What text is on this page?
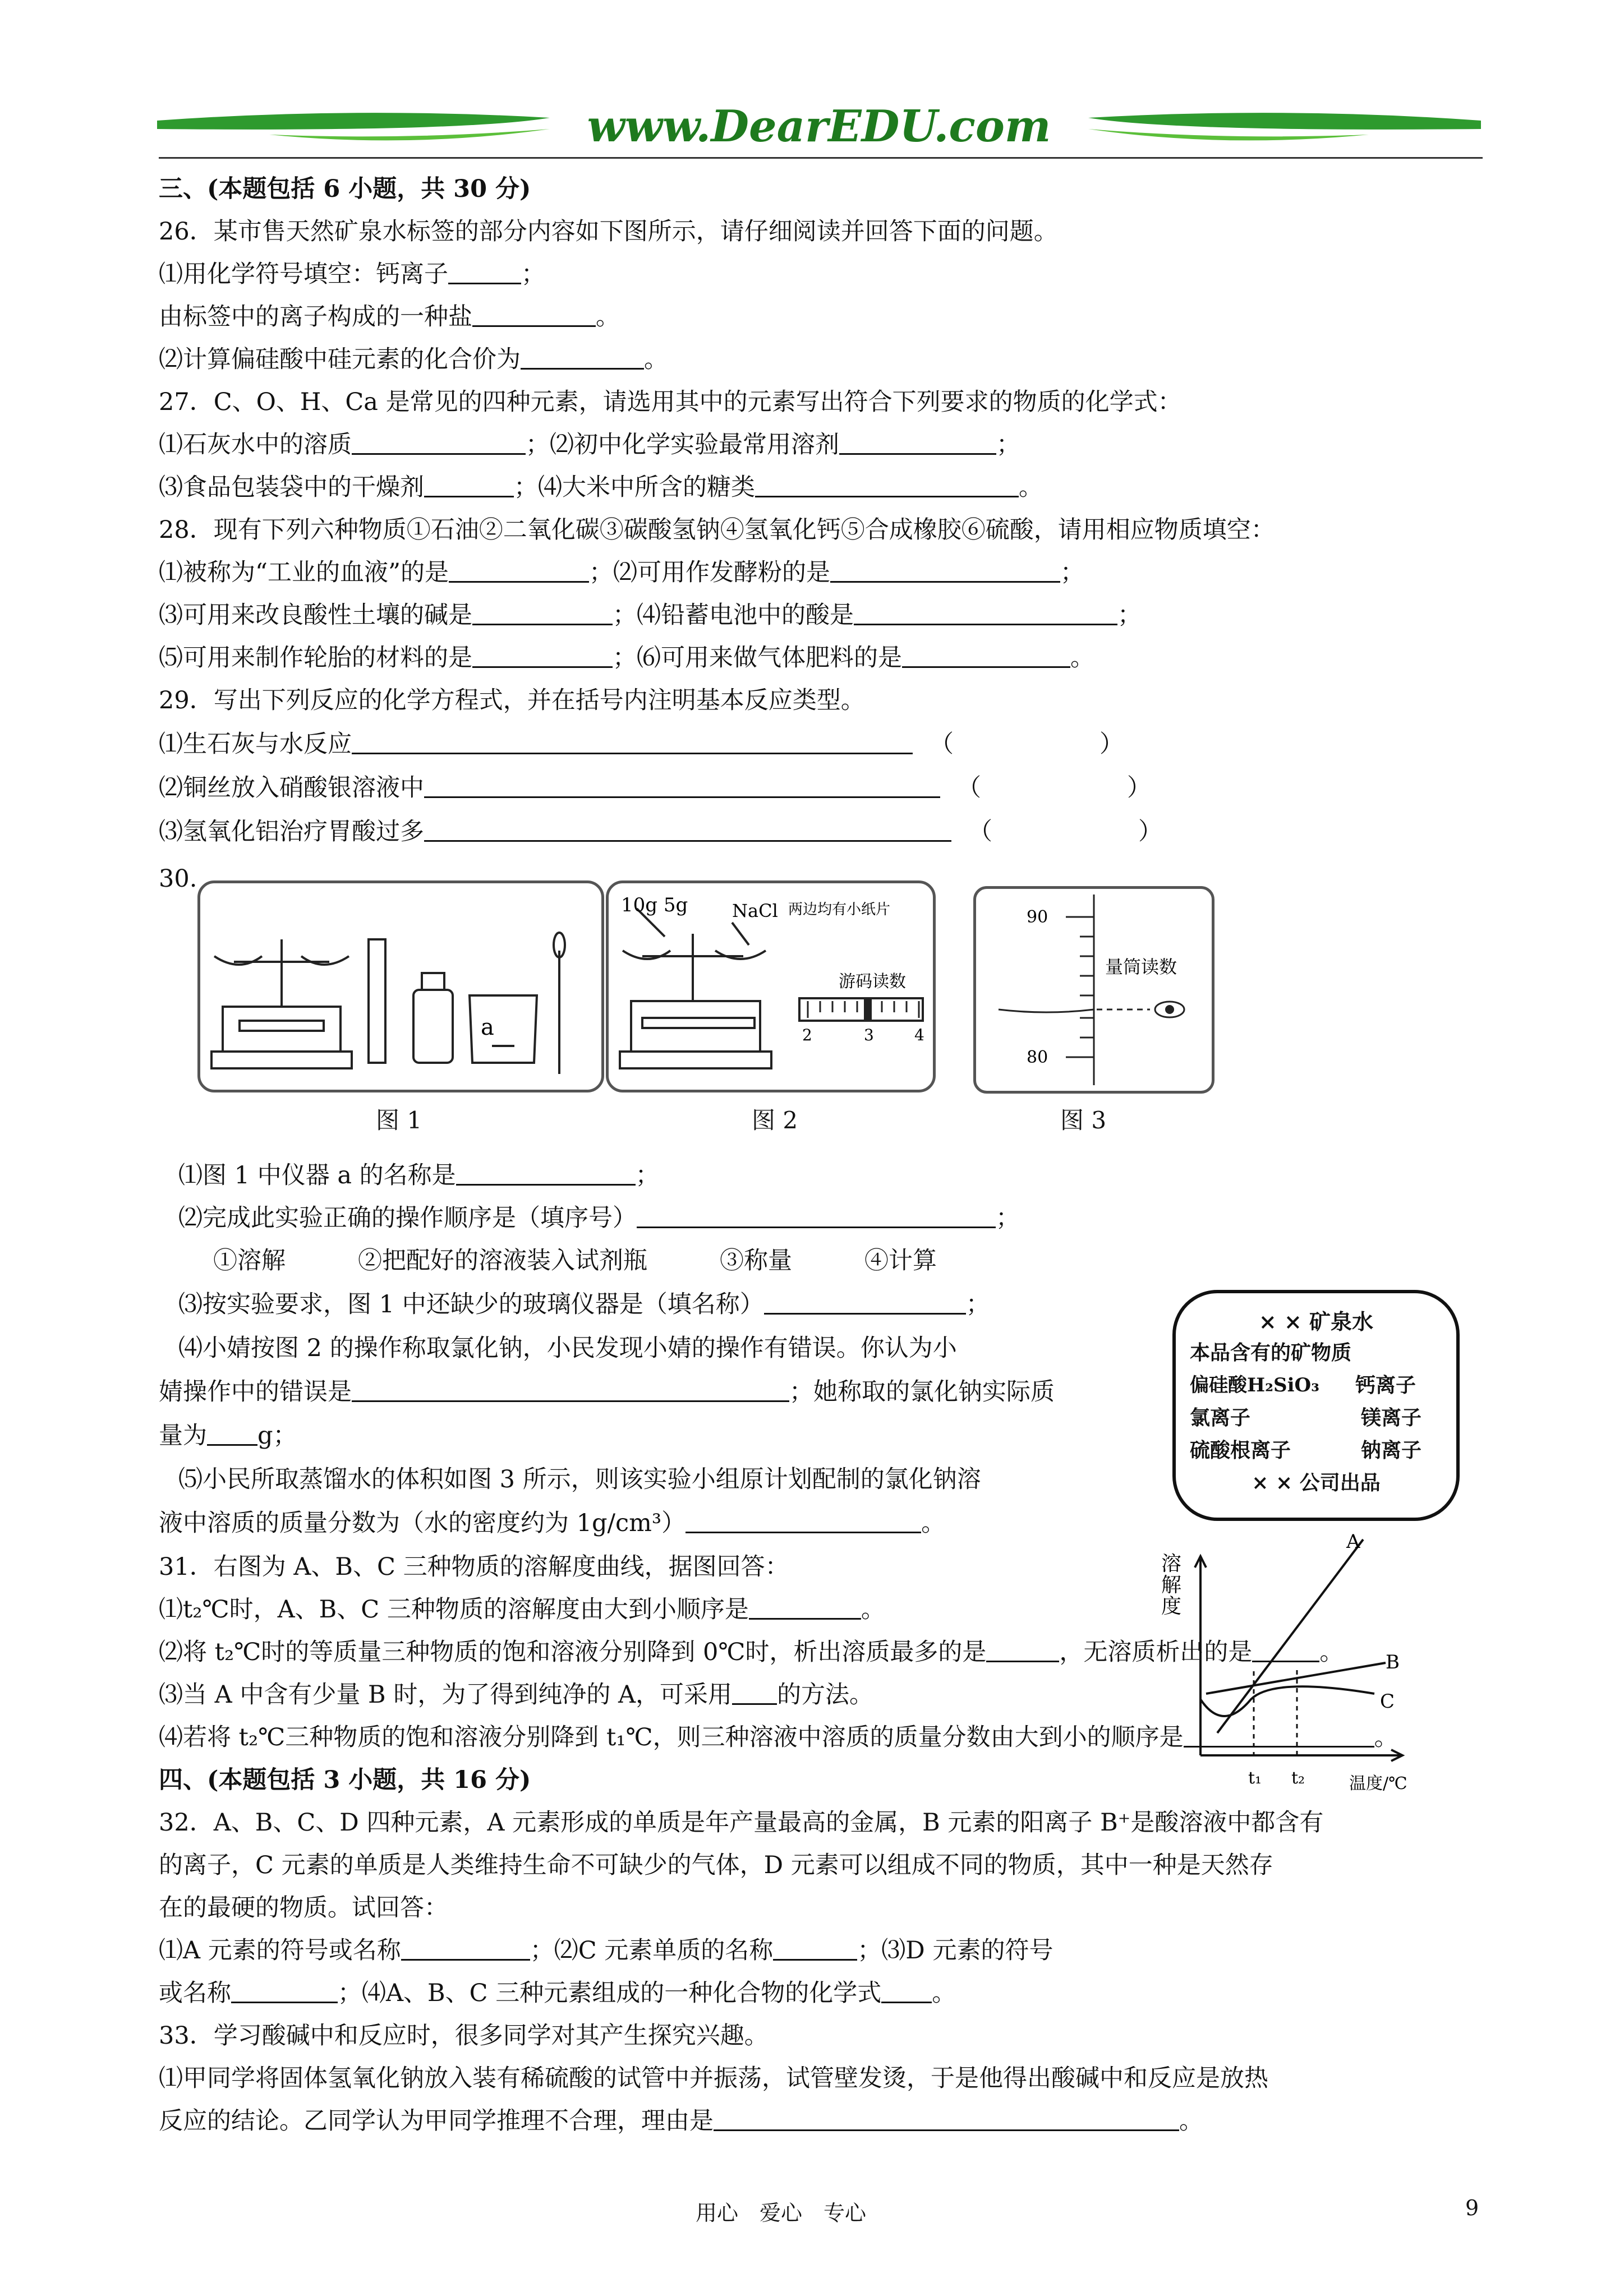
www.DearEDU.com
三、(本题包括 6 小题，共 30 分)
26．某市售天然矿泉水标签的部分内容如下图所示，请仔细阅读并回答下面的问题。
⑴用化学符号填空：钙离子	；
由标签中的离子构成的一种盐	。
⑵计算偏硅酸中硅元素的化合价为	。
27．C、O、H、Ca 是常见的四种元素，请选用其中的元素写出符合下列要求的物质的化学式：
⑴石灰水中的溶质	；⑵初中化学实验最常用溶剂	；
⑶食品包装袋中的干燥剂	；⑷大米中所含的糖类	。
28．现有下列六种物质①石油②二氧化碳③碳酸氢钠④氢氧化钙⑤合成橡胶⑥硫酸，请用相应物质填空：
⑴被称为“工业的血液”的是	；⑵可用作发酵粉的是	；
⑶可用来改良酸性土壤的碱是	；⑷铅蓄电池中的酸是	；
⑸可用来制作轮胎的材料的是	；⑹可用来做气体肥料的是	。
29．写出下列反应的化学方程式，并在括号内注明基本反应类型。
⑴生石灰与水反应	（	）
⑵铜丝放入硝酸银溶液中	（	）
⑶氢氧化铝治疗胃酸过多	（	）
30.
a
图 1
10g 5g NaCl 两边均有小纸片
游码读数
2	3	4
图 2
90
80
量筒读数
图 3
⑴图 1 中仪器 a 的名称是	；
⑵完成此实验正确的操作顺序是（填序号）	；
①溶解　　　②把配好的溶液装入试剂瓶　　　③称量　　　④计算
⑶按实验要求，图 1 中还缺少的玻璃仪器是（填名称）	；
⑷小婧按图 2 的操作称取氯化钠，小民发现小婧的操作有错误。你认为小
婧操作中的错误是	；她称取的氯化钠实际质
量为 g；
⑸小民所取蒸馏水的体积如图 3 所示，则该实验小组原计划配制的氯化钠溶
液中溶质的质量分数为（水的密度约为 1g/cm³）	。
× × 矿泉水
本品含有的矿物质
偏硅酸H₂SiO₃ 钙离子
氯离子	镁离子
硫酸根离子	钠离子
× × 公司出品
31．右图为 A、B、C 三种物质的溶解度曲线，据图回答：
⑴t₂℃时，A、B、C 三种物质的溶解度由大到小顺序是	。
⑵将 t₂℃时的等质量三种物质的饱和溶液分别降到 0℃时，析出溶质最多的是	，无溶质析出的是	。
⑶当 A 中含有少量 B 时，为了得到纯净的 A，可采用 的方法。
⑷若将 t₂℃三种物质的饱和溶液分别降到 t₁℃，则三种溶液中溶质的质量分数由大到小的顺序是	。
溶
解
度
A
B
C
t₁ t₂	温度/℃
四、(本题包括 3 小题，共 16 分)
32．A、B、C、D 四种元素，A 元素形成的单质是年产量最高的金属，B 元素的阳离子 B⁺是酸溶液中都含有
的离子，C 元素的单质是人类维持生命不可缺少的气体，D 元素可以组成不同的物质，其中一种是天然存
在的最硬的物质。试回答：
⑴A 元素的符号或名称	；⑵C 元素单质的名称	；⑶D 元素的符号
或名称	；⑷A、B、C 三种元素组成的一种化合物的化学式 。
33．学习酸碱中和反应时，很多同学对其产生探究兴趣。
⑴甲同学将固体氢氧化钠放入装有稀硫酸的试管中并振荡，试管壁发烫，于是他得出酸碱中和反应是放热
反应的结论。乙同学认为甲同学推理不合理，理由是	。
用心　爱心　专心	9
